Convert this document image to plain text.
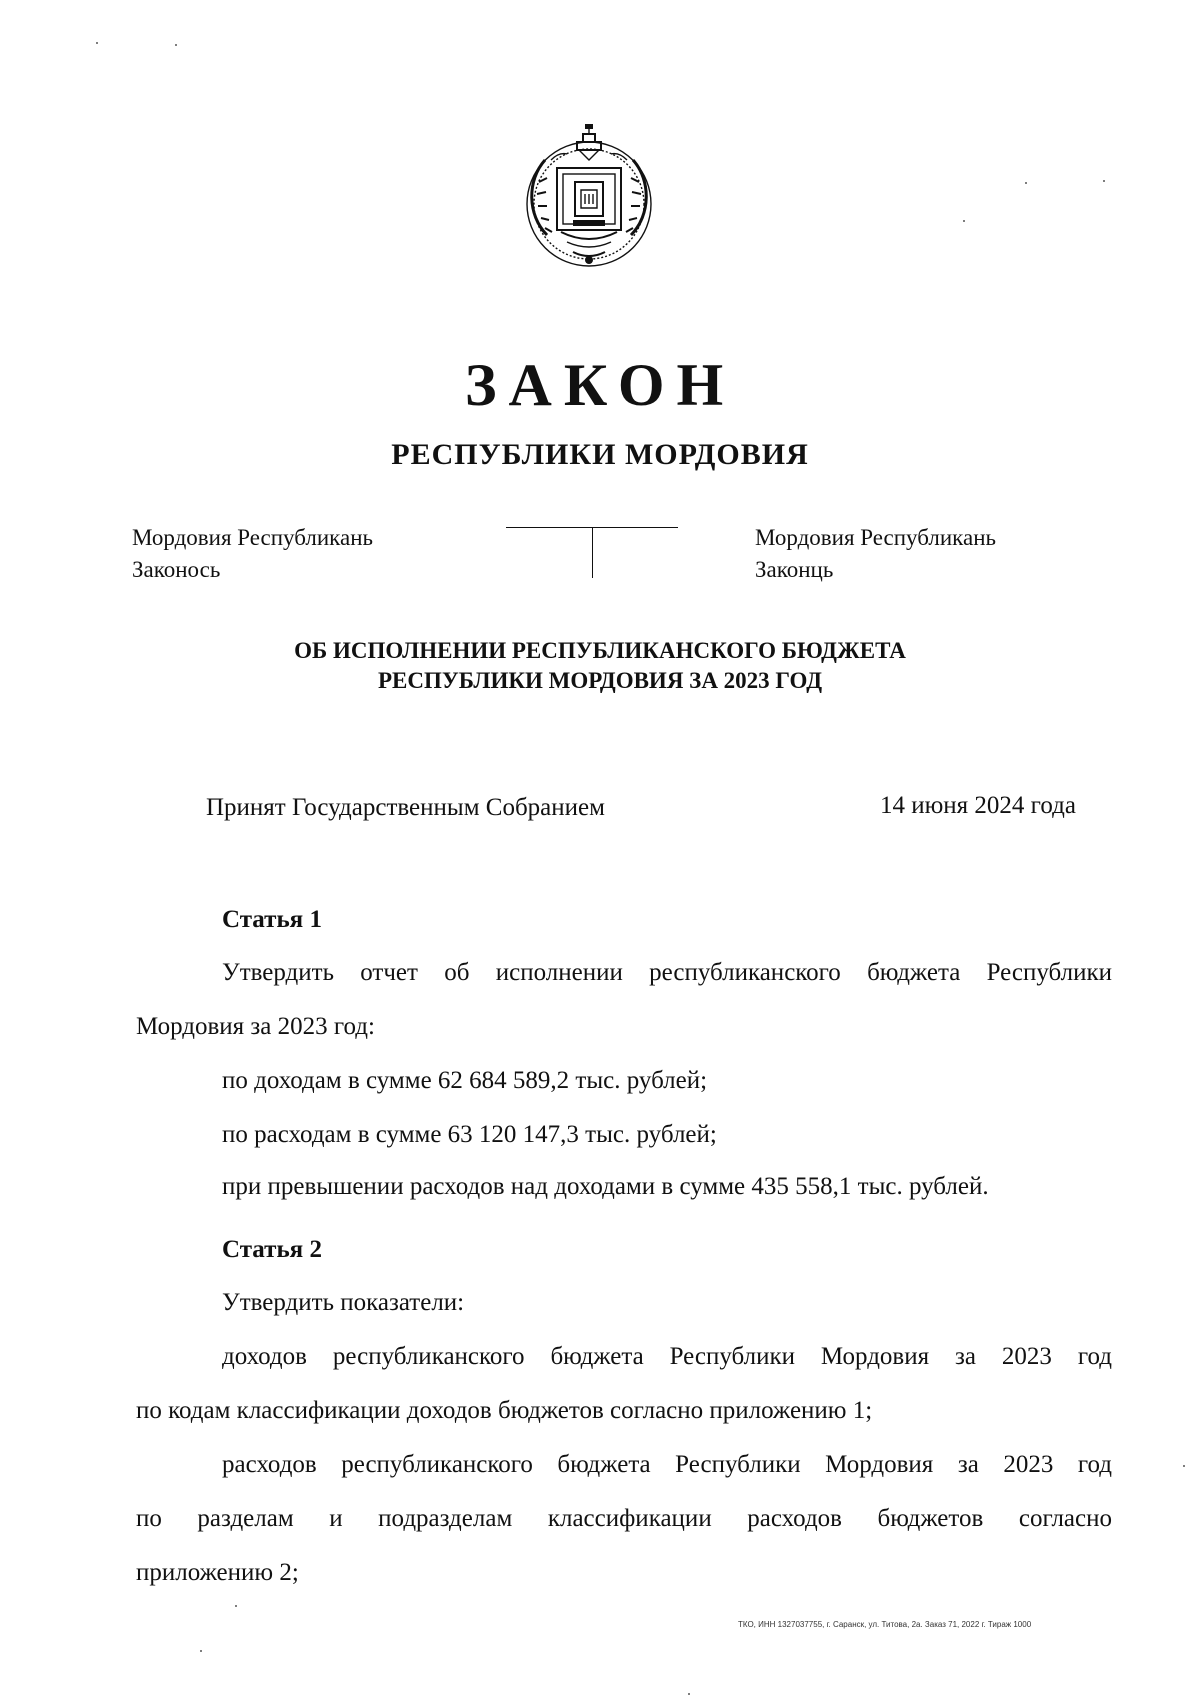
ЗАКОН
РЕСПУБЛИКИ МОРДОВИЯ
Мордовия Республикань
Законось
Мордовия Республикань
Законць
ОБ ИСПОЛНЕНИИ РЕСПУБЛИКАНСКОГО БЮДЖЕТА
РЕСПУБЛИКИ МОРДОВИЯ ЗА 2023 ГОД
Принят Государственным Собранием	14 июня 2024 года
Статья 1
Утвердить отчет об исполнении республиканского бюджета Республики
Мордовия за 2023 год:
по доходам в сумме 62 684 589,2 тыс. рублей;
по расходам в сумме 63 120 147,3 тыс. рублей;
при превышении расходов над доходами в сумме 435 558,1 тыс. рублей.
Статья 2
Утвердить показатели:
доходов республиканского бюджета Республики Мордовия за 2023 год
по кодам классификации доходов бюджетов согласно приложению 1;
расходов республиканского бюджета Республики Мордовия за 2023 год
по разделам и подразделам классификации расходов бюджетов согласно
приложению 2;
ТКО, ИНН 1327037755, г. Саранск, ул. Титова, 2а. Заказ 71, 2022 г. Тираж 1000
